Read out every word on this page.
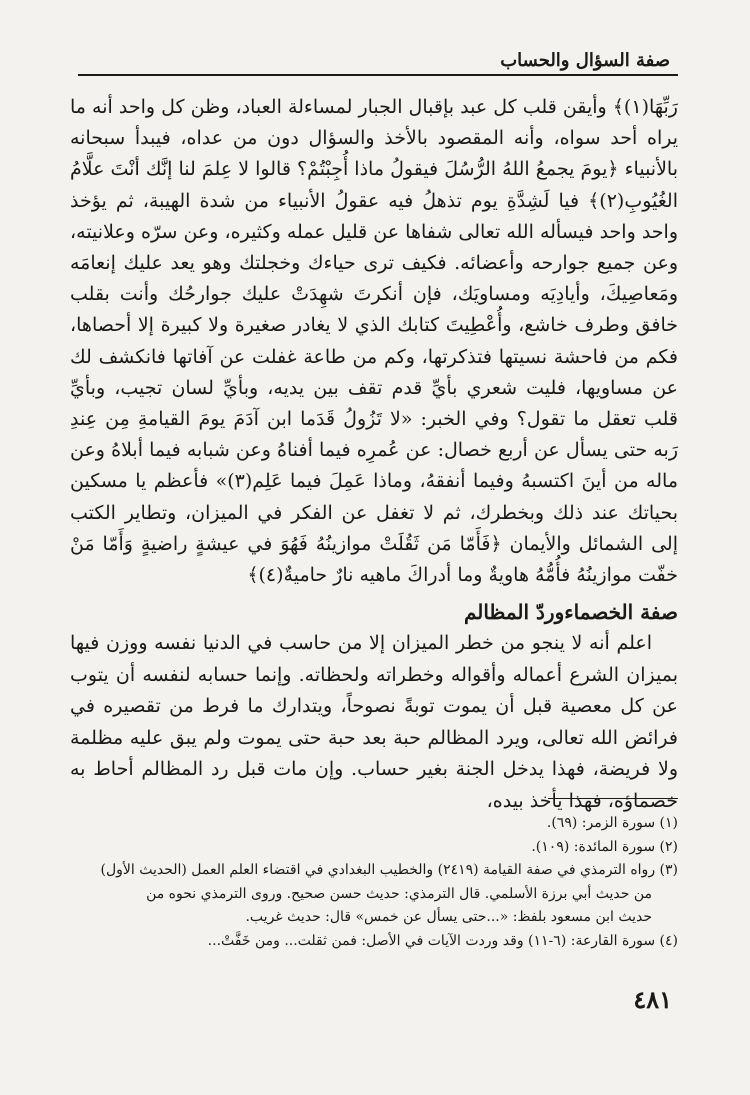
صفة السؤال والحساب

رَبِّهَا(١)﴾ وأيقن قلب كل عبد بإقبال الجبار لمساءلة العباد، وظن كل واحد أنه ما يراه أحد سواه، وأنه المقصود بالأخذ والسؤال دون من عداه، فيبدأ سبحانه بالأنبياء ﴿يومَ يجمعُ اللهُ الرُّسُلَ فيقولُ ماذا أُجِبْتُمْ؟ قالوا لا عِلمَ لنا إنَّك أنْتَ علَّامُ الغُيُوبِ(٢)﴾ فيا لَشِدَّةِ يوم تذهلُ فيه عقولُ الأنبياء من شدة الهيبة، ثم يؤخذ واحد واحد فيسأله الله تعالى شفاها عن قليل عمله وكثيره، وعن سرّه وعلانيته، وعن جميع جوارحه وأعضائه. فكيف ترى حياءك وخجلتك وهو يعد عليك إنعامَه ومَعاصِيكَ، وأيادِيَه ومساويَك، فإن أنكرتَ شهِدَتْ عليك جوارحُك وأنت بقلب خافق وطرف خاشع، وأُعْطِيتَ كتابك الذي لا يغادر صغيرة ولا كبيرة إلا أحصاها، فكم من فاحشة نسيتها فتذكرتها، وكم من طاعة غفلت عن آفاتها فانكشف لك عن مساويها، فليت شعري بأيِّ قدم تقف بين يديه، وبأيِّ لسان تجيب، وبأيِّ قلب تعقل ما تقول؟ وفي الخبر: «لا تَزُولُ قَدَما ابن آدَمَ يومَ القيامةِ مِن عِندِ رَبه حتى يسأل عن أربع خصال: عن عُمرِه فيما أفناهُ وعن شبابه فيما أبلاهُ وعن ماله من أينَ اكتسبهُ وفيما أنفقهُ، وماذا عَمِلَ فيما عَلِم(٣)» فأعظم يا مسكين بحياتك عند ذلك وبخطرك، ثم لا تغفل عن الفكر في الميزان، وتطاير الكتب إلى الشمائل والأيمان ﴿فَأَمّا مَن ثَقُلَتْ موازينُهُ فَهُوَ في عيشةٍ راضيةٍ وَأَمّا مَنْ خفّت موازينُهُ فأُمُّهُ هاويةٌ وما أدراكَ ماهيه نارٌ حاميةٌ(٤)﴾

صفة الخصماءوردّ المظالم

اعلم أنه لا ينجو من خطر الميزان إلا من حاسب في الدنيا نفسه ووزن فيها بميزان الشرع أعماله وأقواله وخطراته ولحظاته. وإنما حسابه لنفسه أن يتوب عن كل معصية قبل أن يموت توبةً نصوحاً، ويتدارك ما فرط من تقصيره في فرائض الله تعالى، ويرد المظالم حبة بعد حبة حتى يموت ولم يبق عليه مظلمة ولا فريضة، فهذا يدخل الجنة بغير حساب. وإن مات قبل رد المظالم أحاط به خصماؤه، فهذا يأخذ بيده،

(١) سورة الزمر: (٦٩).

(٢) سورة المائدة: (١٠٩).

(٣) رواه الترمذي في صفة القيامة (٢٤١٩) والخطيب البغدادي في اقتضاء العلم العمل (الحديث الأول)

من حديث أبي برزة الأسلمي. قال الترمذي: حديث حسن صحيح. وروى الترمذي نحوه من

حديث ابن مسعود بلفظ: «...حتى يسأل عن خمس» قال: حديث غريب.

(٤) سورة القارعة: (٦-١١) وقد وردت الآيات في الأصل: فمن ثقلت... ومن خَفَّتْ...

٤٨١
